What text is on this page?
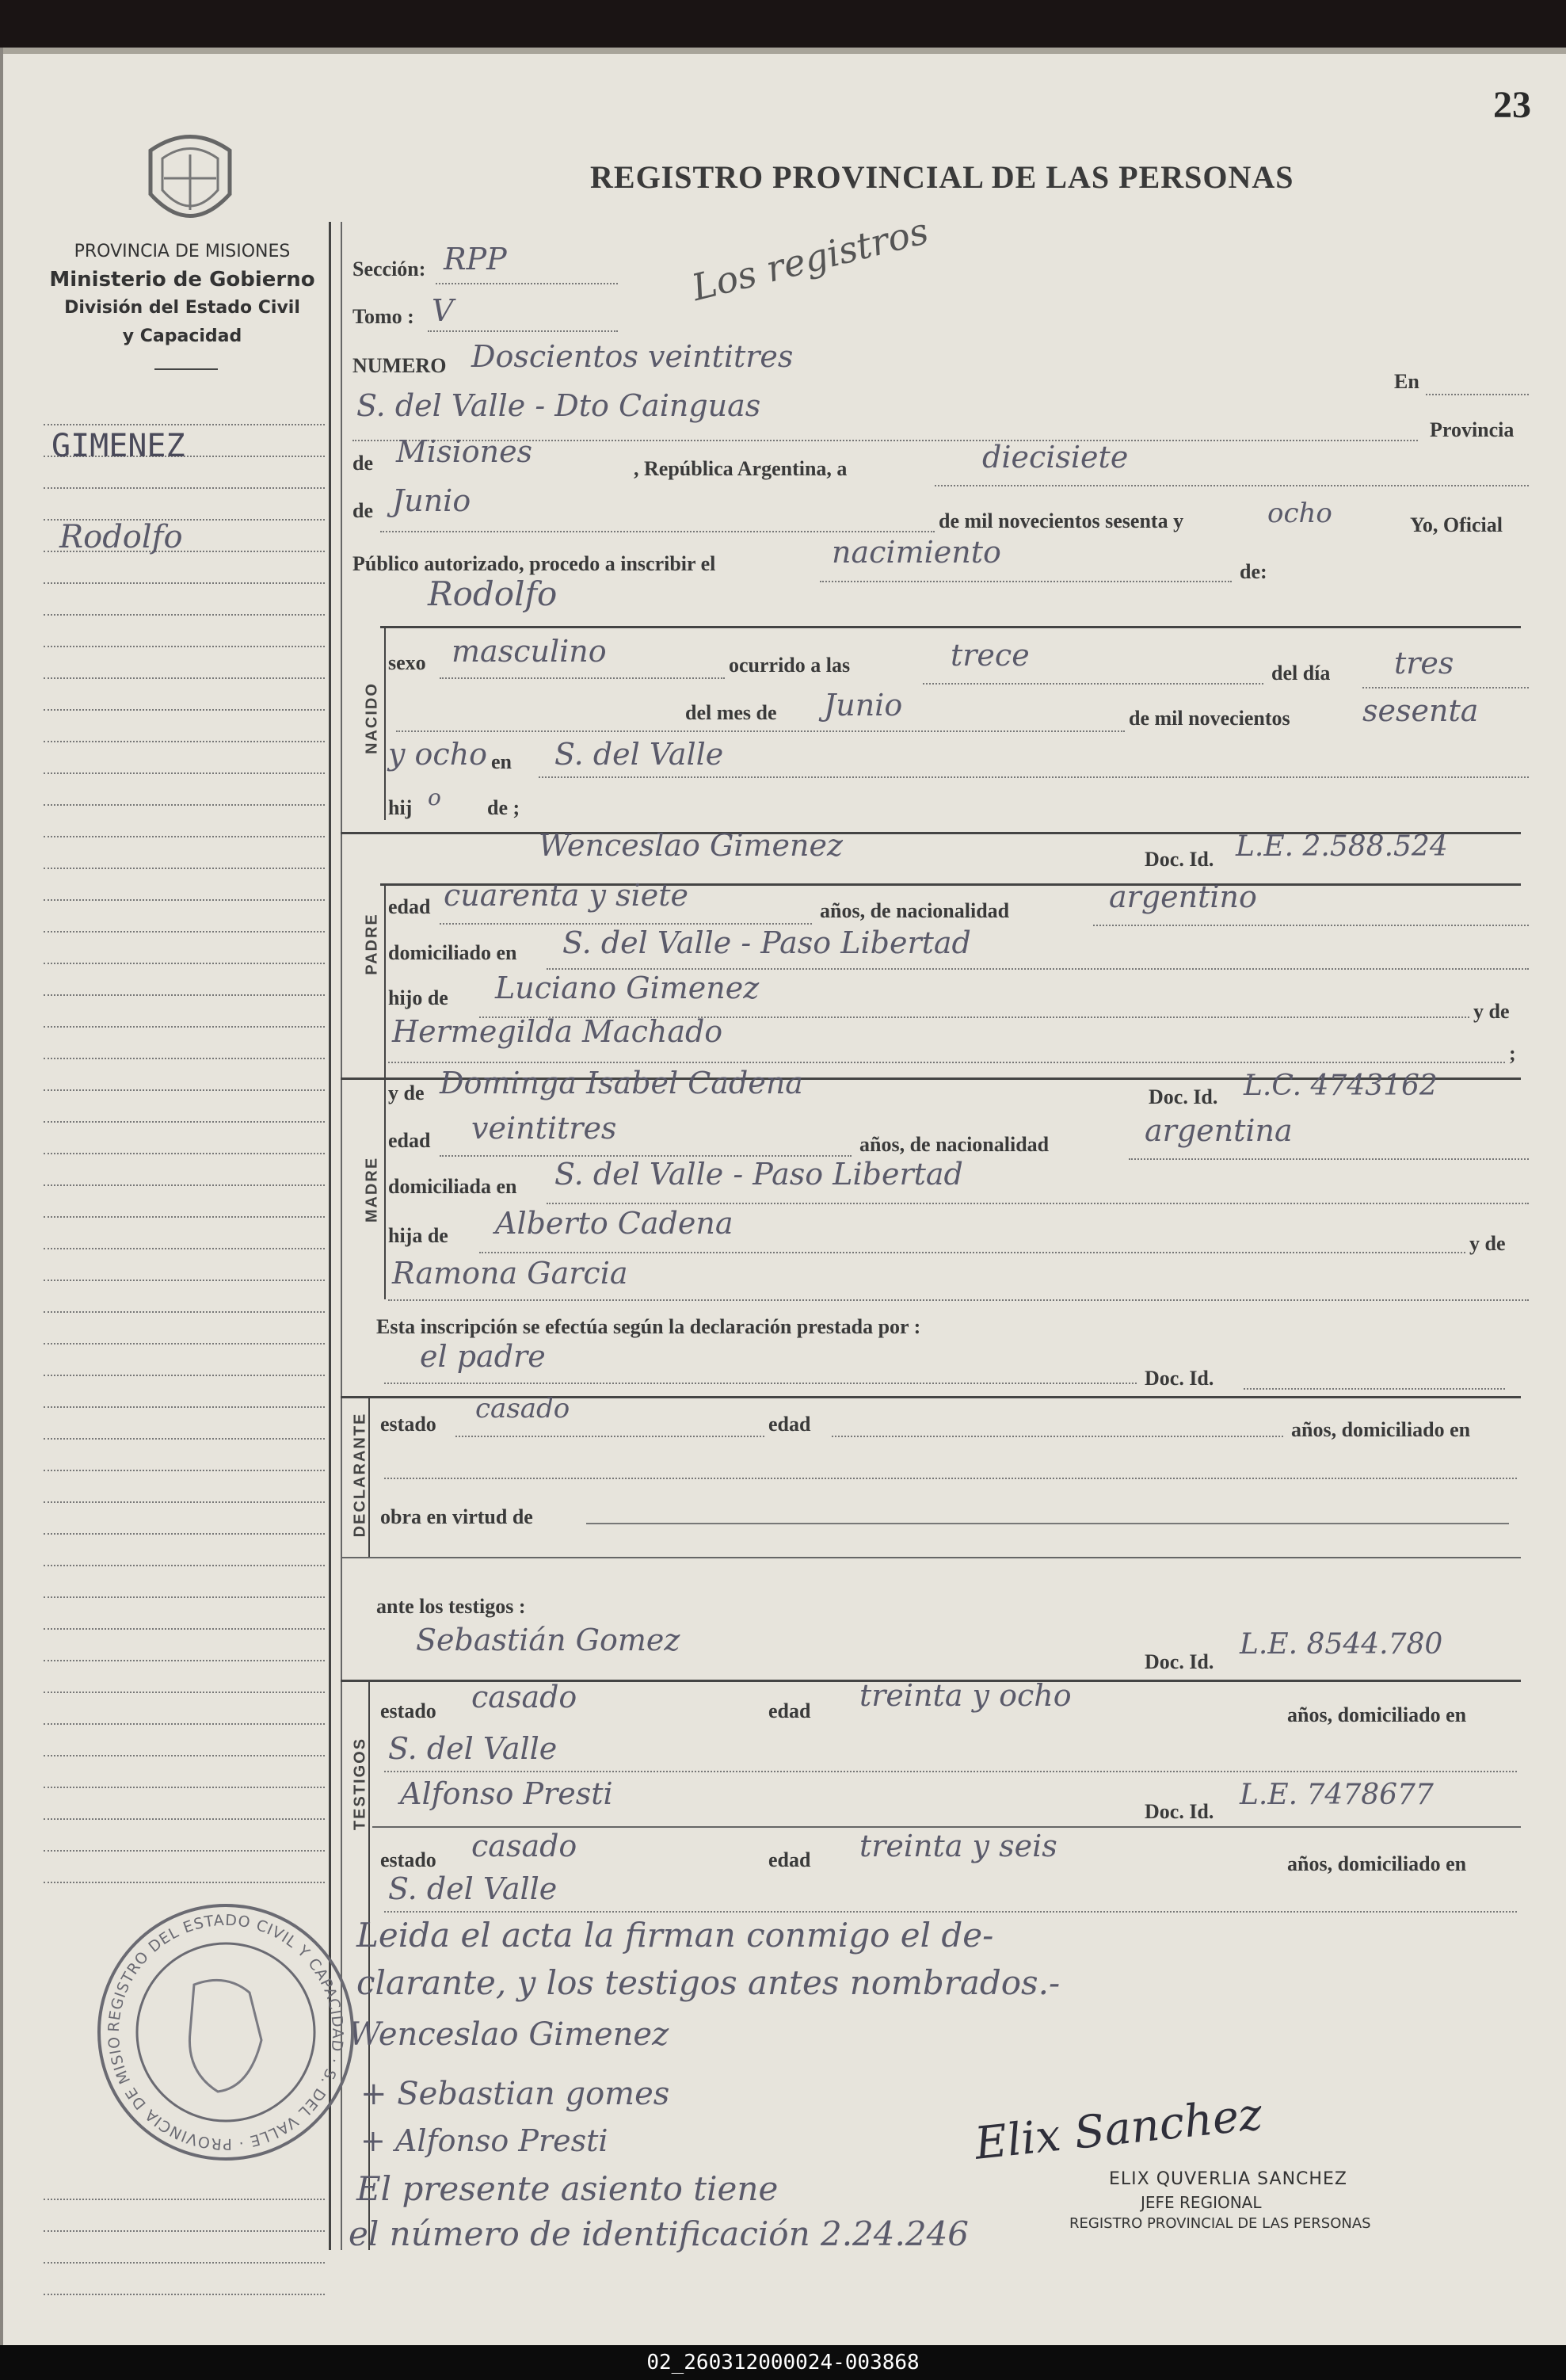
23
REGISTRO PROVINCIAL DE LAS PERSONAS
Los registros
PROVINCIA DE MISIONES
Ministerio de Gobierno
División del Estado Civil
y Capacidad
GIMENEZ
Rodolfo
Sección: RPP
Tomo : V
NUMERO Doscientos veintitres
En
S. del Valle - Dto Cainguas
Provincia
de Misiones	, República Argentina, a	diecisiete
de Junio
de mil novecientos sesenta y	ocho	Yo, Oficial
Público autorizado, procedo a inscribir el	nacimiento
de:
NACIDO
Rodolfo
sexo masculino	ocurrido a las	trece
del día tres
del mes de Junio	de mil novecientos sesenta
y ocho en S. del Valle
hij o de ;
PADRE
Wenceslao Gimenez	Doc. Id. L.E. 2.588.524
edad cuarenta y siete	años, de nacionalidad	argentino
domiciliado en S. del Valle - Paso Libertad
hijo de Luciano Gimenez
y de
Hermegilda Machado
;
MADRE
y de Dominga Isabel Cadena	Doc. Id. L.C. 4743162
edad veintitres	años, de nacionalidad	argentina
domiciliada en S. del Valle - Paso Libertad
hija de Alberto Cadena
y de
Ramona Garcia
Esta inscripción se efectúa según la declaración prestada por :
el padre
Doc. Id.
DECLARANTE estado casado	edad	años, domiciliado en
obra en virtud de
ante los testigos :
Sebastián Gomez
Doc. Id.
L.E. 8544.780
TESTIGOS
estado casado	edad treinta y ocho
años, domiciliado en
S. del Valle
Alfonso Presti
Doc. Id.
L.E. 7478677
estado casado	edad treinta y seis
años, domiciliado en
S. del Valle
Leida el acta la firman conmigo el de-
clarante, y los testigos antes nombrados.-
Wenceslao Gimenez
+ Sebastian gomes
+ Alfonso Presti
El presente asiento tiene
el número de identificación 2.24.246
Elix Sanchez
ELIX QUVERLIA SANCHEZ
JEFE REGIONAL
REGISTRO PROVINCIAL DE LAS PERSONAS
REGISTRO DEL ESTADO CIVIL Y CAPACIDAD · S. DEL VALLE · PROVINCIA DE MISIO
02_260312000024-003868
